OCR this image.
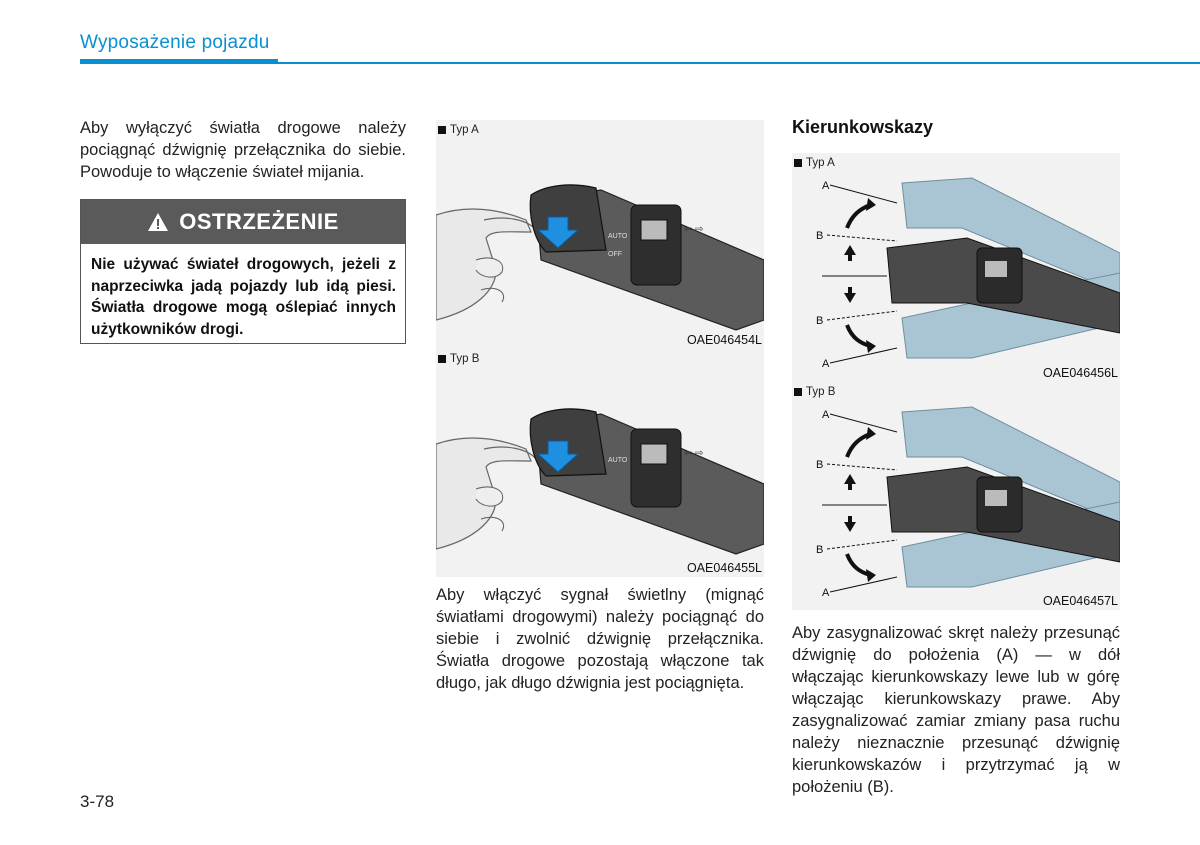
Wyposażenie pojazdu
Aby wyłączyć światła drogowe należy pociągnąć dźwignię przełącznika do siebie. Powoduje to włączenie świateł mijania.
OSTRZEŻENIE
Nie używać świateł drogowych, jeżeli z naprzeciwka jadą pojazdy lub idą piesi. Światła drogowe mogą oślepiać innych użytkowników drogi.
Typ A
AUTO
OFF
⇦ ⇨
OAE046454L
Typ B
AUTO
⇦ ⇨
OAE046455L
Aby włączyć sygnał świetlny (mignąć światłami drogowymi) należy pociągnąć do siebie i zwolnić dźwignię przełącznika. Światła drogowe pozostają włączone tak długo, jak długo dźwignia jest pociągnięta.
Kierunkowskazy
Typ A
A
B
B
A
OAE046456L
Typ B
A
B
B
A
OAE046457L
Aby zasygnalizować skręt należy przesunąć dźwignię do położenia (A) — w dół włączając kierunkowskazy lewe lub w górę włączając kierunkowskazy prawe. Aby zasygnalizować zamiar zmiany pasa ruchu należy nieznacznie przesunąć dźwignię kierunkowskazów i przytrzymać ją w położeniu (B).
3-78
